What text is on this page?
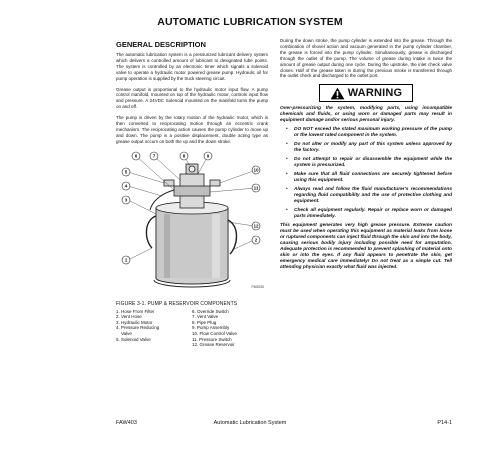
AUTOMATIC LUBRICATION SYSTEM
GENERAL DESCRIPTION

The automatic lubrication system is a pressurized lubricant delivery system which delivers a controlled amount of lubricant to designated lube points. The system is controlled by an electronic timer which signals a solenoid valve to operate a hydraulic motor powered grease pump. Hydraulic oil for pump operation is supplied by the truck steering circuit.

Grease output is proportional to the hydraulic motor input flow. A pump control manifold, mounted on top of the hydraulic motor, controls input flow and pressure. A 24VDC Solenoid mounted on the manifold turns the pump on and off.

The pump is driven by the rotary motion of the hydraulic motor, which is then converted to reciprocating motion through an eccentric crank mechanism. The reciprocating action causes the pump cylinder to move up and down. The pump is a positive displacement, double acting type as grease output occurs on both the up and the down stroke.

1
2
3
4
5
6	7	8	9
10
11
12
FM2030
FIGURE 3-1. PUMP & RESERVOIR COMPONENTS
1. Hose From Filter
2. Vent Hose
3. Hydraulic Motor
4. Pressure Reducing
Valve
5. Solenoid Valve
6. Override Switch
7. Vent Valve
8. Pipe Plug
9. Pump Assembly
10. Flow Control Valve
11. Pressure Switch
12. Grease Reservoir

During the down stroke, the pump cylinder is extended into the grease. Through the combination of shovel action and vacuum generated in the pump cylinder chamber, the grease is forced into the pump cylinder. Simultaneously, grease is discharged through the outlet of the pump. The volume of grease during intake is twice the amount of grease output during one cycle. During the upstroke, the inlet check valve closes. Half of the grease taken in during the previous stroke is transferred through the outlet check and discharged to the outlet port.

WARNING

Over-pressurizing the system, modifying parts, using incompatible chemicals and fluids, or using worn or damaged parts may result in equipment damage and/or serious personal injury.

• DO NOT exceed the stated maximum working pressure of the pump or the lowest rated component in the system.
• Do not alter or modify any part of this system unless approved by the factory.
• Do not attempt to repair or disassemble the equipment while the system is pressurized.
• Make sure that all fluid connections are securely tightened before using this equipment.
• Always read and follow the fluid manufacturer's recommendations regarding fluid compatibility and the use of protective clothing and equipment.
• Check all equipment regularly. Repair or replace worn or damaged parts immediately.

This equipment generates very high grease pressure. Extreme caution must be used when operating this equipment as material leaks from loose or ruptured components can inject fluid through the skin and into the body, causing serious bodily injury including possible need for amputation. Adequate protection is recommended to prevent splashing of material onto skin or into the eyes. If any fluid appears to penetrate the skin, get emergency medical care immediately! Do not treat as a simple cut. Tell attending physician exactly what fluid was injected.

Automatic Lubrication System
FAW403	P14-1
